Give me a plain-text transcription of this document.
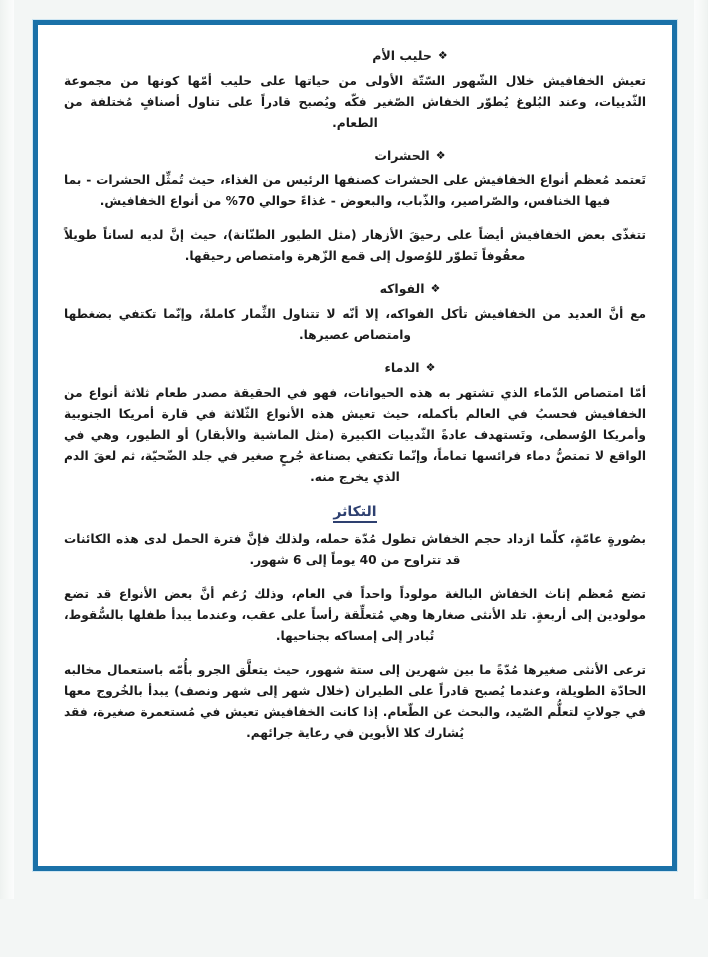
❖حليب الأم

تعيش الخفافيش خلال الشّهور السّتّة الأولى من حياتها على حليب أمّها كونها من مجموعة الثّدييات، وعند البُلوغ يُطوّر الخفاش الصّغير فكّه ويُصبح قادراً على تناول أصنافٍ مُختلفة من الطعام.

❖الحشرات

تَعتمد مُعظم أنواع الخفافيش على الحشرات كصنفها الرئيس من الغذاء، حيث تُمثِّل الحشرات - بما فيها الخنافس، والصّراصير، والذّباب، والبعوض - غذاءً حوالي 70% من أنواع الخفافيش.

تتغذّى بعض الخفافيش أيضاً على رحيقَ الأزهار (مثل الطيور الطنّانة)، حيث إنَّ لديه لساناً طويلاً معقُوفاً تَطوّر للوُصول إلى قمع الزّهرة وامتصاص رحيقها.

❖الفواكه

مع أنَّ العديد من الخفافيش تأكل الفواكه، إلا أنّه لا تتناول الثِّمار كاملةً، وإنّما تكتفي بضغطها وامتصاص عصيرها.

❖الدماء

أمّا امتصاص الدّماء الذي تشتهر به هذه الحيوانات، فهو في الحقيقة مصدر طعام ثلاثة أنواع من الخفافيش فحسبُ في العالم بأكمله، حيث تعيش هذه الأنواع الثّلاثة في قارة أمريكا الجنوبية وأمريكا الوُسطى، وتَستهدف عادةً الثّدييات الكبيرة (مثل الماشية والأبقار) أو الطيور، وهي في الواقع لا تمتصُّ دماء فرائسها تماماً، وإنّما تكتفي بصناعة جُرحٍ صغير في جلد الضّحيّة، ثم لعقَ الدم الذي يخرج منه.

التكاثر

بصُورةٍ عامّةٍ، كلّما ازداد حجم الخفاش تطول مُدّة حمله، ولذلك فإنَّ فترة الحمل لدى هذه الكائنات قد تتراوح من 40 يوماً إلى 6 شهور.

تضع مُعظم إناث الخفاش البالغة مولوداً واحداً في العام، وذلك رُغم أنَّ بعض الأنواع قد تضع مولودين إلى أربعةٍ. تلد الأنثى صغارها وهي مُتعلِّقة رأساً على عقب، وعندما يبدأ طفلها بالسُّقوط، تُبادر إلى إمساكه بجناحيها.

ترعى الأنثى صغيرها مُدّةً ما بين شهرين إلى ستة شهور، حيث يتعلَّق الجرو بأُمّه باستعمال مخالبه الحادّة الطويلة، وعندما يُصبح قادراً على الطيران (خلال شهر إلى شهر ونصف) يبدأ بالخُروج معها في جولاتٍ لتعلُّم الصّيد، والبحث عن الطّعام. إذا كانت الخفافيش تعيش في مُستعمرة صغيرة، فقد يُشارك كلا الأبوين في رعاية جرائهم.
